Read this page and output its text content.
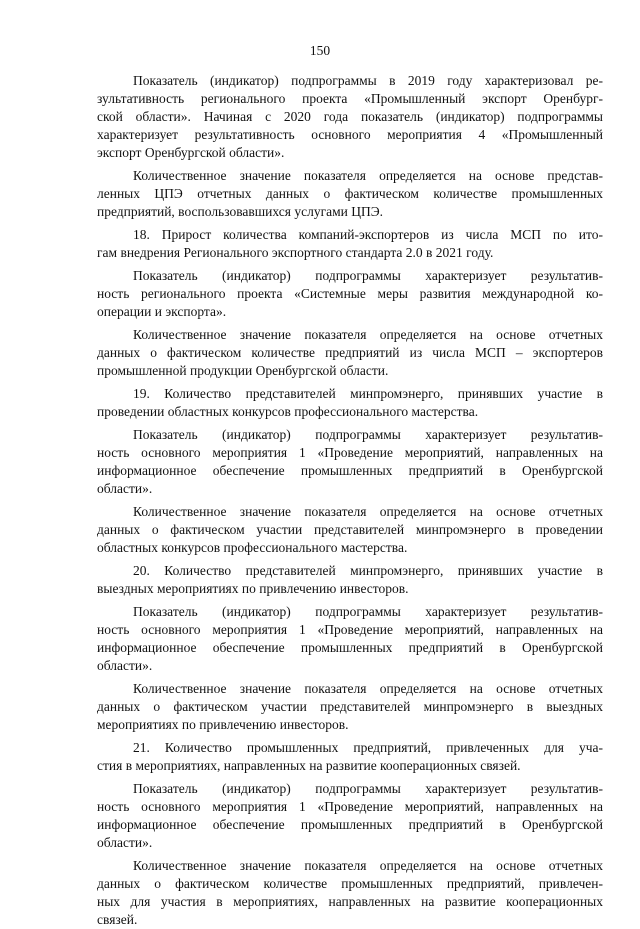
150
Показатель (индикатор) подпрограммы в 2019 году характеризовал ре-
зультативность регионального проекта «Промышленный экспорт Оренбург-
ской области». Начиная с 2020 года показатель (индикатор) подпрограммы
характеризует результативность основного мероприятия 4 «Промышленный
экспорт Оренбургской области».
Количественное значение показателя определяется на основе представ-
ленных ЦПЭ отчетных данных о фактическом количестве промышленных
предприятий, воспользовавшихся услугами ЦПЭ.
18. Прирост количества компаний-экспортеров из числа МСП по ито-
гам внедрения Регионального экспортного стандарта 2.0 в 2021 году.
Показатель (индикатор) подпрограммы характеризует результатив-
ность регионального проекта «Системные меры развития международной ко-
операции и экспорта».
Количественное значение показателя определяется на основе отчетных
данных о фактическом количестве предприятий из числа МСП – экспортеров
промышленной продукции Оренбургской области.
19. Количество представителей минпромэнерго, принявших участие в
проведении областных конкурсов профессионального мастерства.
Показатель (индикатор) подпрограммы характеризует результатив-
ность основного мероприятия 1 «Проведение мероприятий, направленных на
информационное обеспечение промышленных предприятий в Оренбургской
области».
Количественное значение показателя определяется на основе отчетных
данных о фактическом участии представителей минпромэнерго в проведении
областных конкурсов профессионального мастерства.
20. Количество представителей минпромэнерго, принявших участие в
выездных мероприятиях по привлечению инвесторов.
Показатель (индикатор) подпрограммы характеризует результатив-
ность основного мероприятия 1 «Проведение мероприятий, направленных на
информационное обеспечение промышленных предприятий в Оренбургской
области».
Количественное значение показателя определяется на основе отчетных
данных о фактическом участии представителей минпромэнерго в выездных
мероприятиях по привлечению инвесторов.
21. Количество промышленных предприятий, привлеченных для уча-
стия в мероприятиях, направленных на развитие кооперационных связей.
Показатель (индикатор) подпрограммы характеризует результатив-
ность основного мероприятия 1 «Проведение мероприятий, направленных на
информационное обеспечение промышленных предприятий в Оренбургской
области».
Количественное значение показателя определяется на основе отчетных
данных о фактическом количестве промышленных предприятий, привлечен-
ных для участия в мероприятиях, направленных на развитие кооперационных
связей.
